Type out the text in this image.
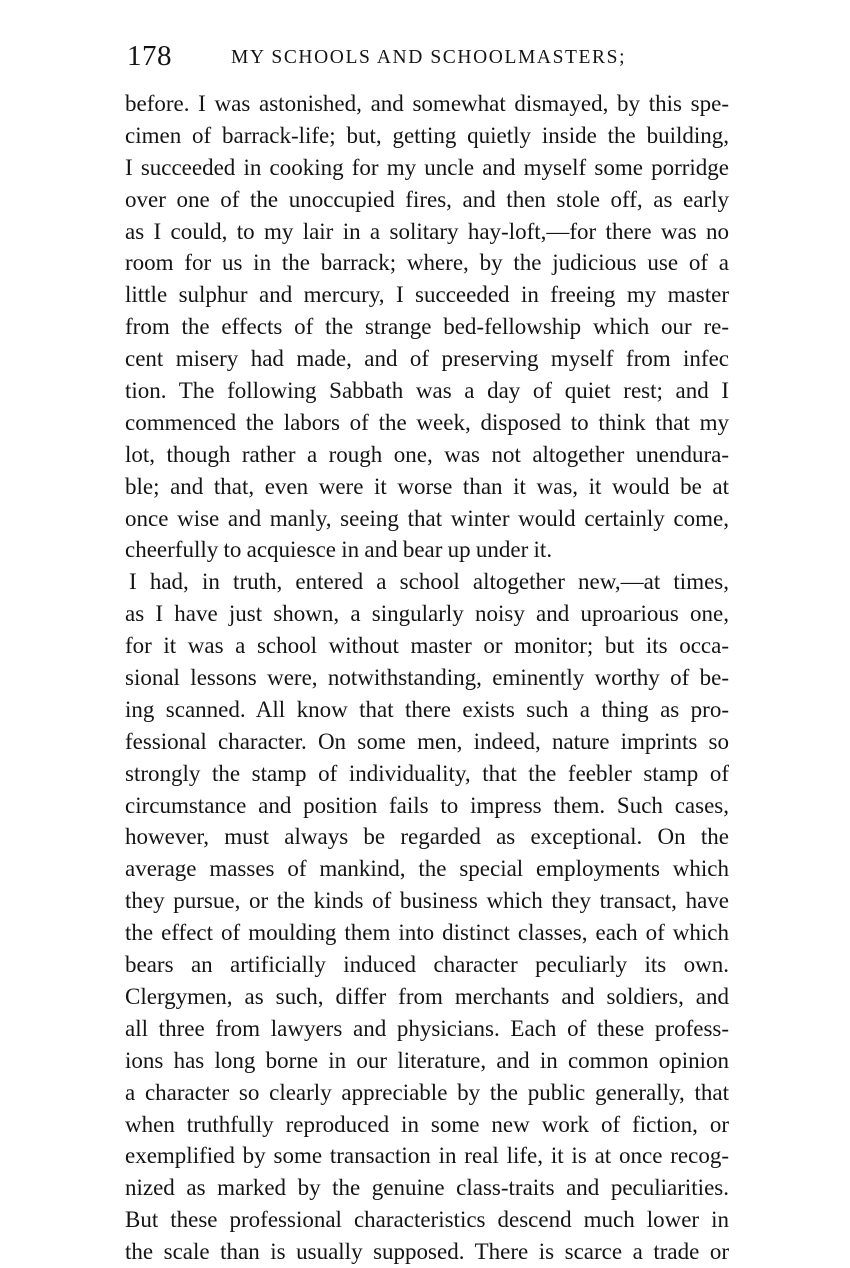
178	MY SCHOOLS AND SCHOOLMASTERS;
before. I was astonished, and somewhat dismayed, by this spe-
cimen of barrack-life; but, getting quietly inside the building,
I succeeded in cooking for my uncle and myself some porridge
over one of the unoccupied fires, and then stole off, as early
as I could, to my lair in a solitary hay-loft,—for there was no
room for us in the barrack; where, by the judicious use of a
little sulphur and mercury, I succeeded in freeing my master
from the effects of the strange bed-fellowship which our re-
cent misery had made, and of preserving myself from infec
tion. The following Sabbath was a day of quiet rest; and I
commenced the labors of the week, disposed to think that my
lot, though rather a rough one, was not altogether unendura-
ble; and that, even were it worse than it was, it would be at
once wise and manly, seeing that winter would certainly come,
cheerfully to acquiesce in and bear up under it.
I had, in truth, entered a school altogether new,—at times,
as I have just shown, a singularly noisy and uproarious one,
for it was a school without master or monitor; but its occa-
sional lessons were, notwithstanding, eminently worthy of be-
ing scanned. All know that there exists such a thing as pro-
fessional character. On some men, indeed, nature imprints so
strongly the stamp of individuality, that the feebler stamp of
circumstance and position fails to impress them. Such cases,
however, must always be regarded as exceptional. On the
average masses of mankind, the special employments which
they pursue, or the kinds of business which they transact, have
the effect of moulding them into distinct classes, each of which
bears an artificially induced character peculiarly its own.
Clergymen, as such, differ from merchants and soldiers, and
all three from lawyers and physicians. Each of these profess-
ions has long borne in our literature, and in common opinion
a character so clearly appreciable by the public generally, that
when truthfully reproduced in some new work of fiction, or
exemplified by some transaction in real life, it is at once recog-
nized as marked by the genuine class-traits and peculiarities.
But these professional characteristics descend much lower in
the scale than is usually supposed. There is scarce a trade or
